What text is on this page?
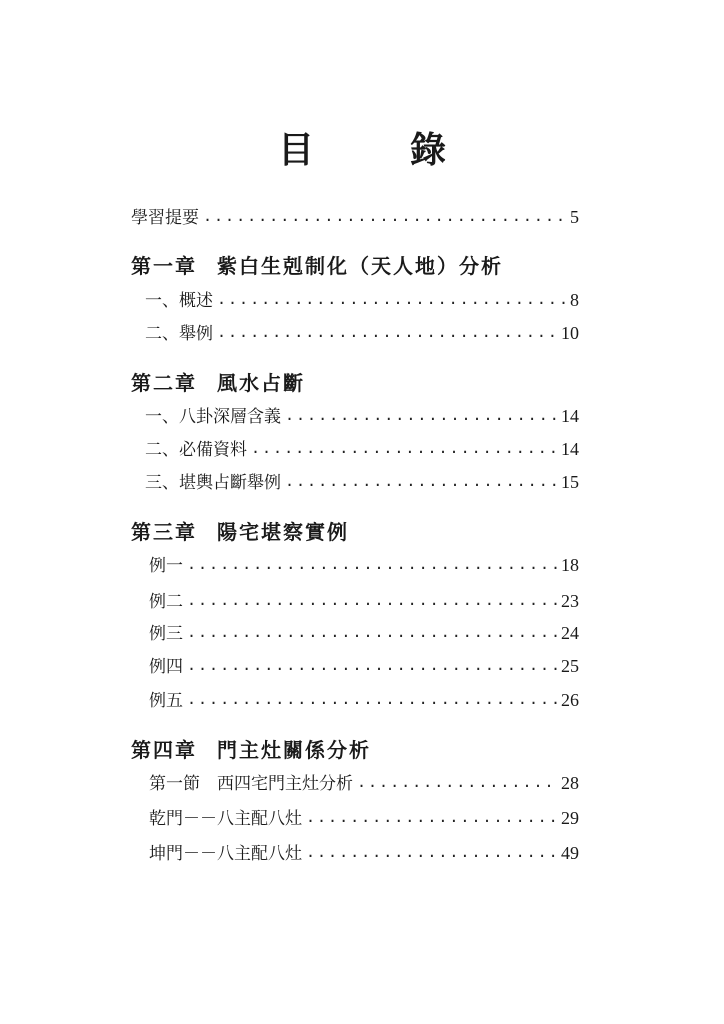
目　錄
學習提要 .....	5
第一章 紫白生剋制化（天人地）分析
一、概述 .....	8
二、舉例 .....	10
第二章 風水占斷
一、八卦深層含義 .....	14
二、必備資料 .....	14
三、堪輿占斷舉例 .....	15
第三章 陽宅堪察實例
例一 .....	18
例二 .....	23
例三 .....	24
例四 .....	25
例五 .....	26
第四章 門主灶關係分析
第一節　西四宅門主灶分析 .....	28
乾門－－八主配八灶 .....	29
坤門－－八主配八灶 .....	49
